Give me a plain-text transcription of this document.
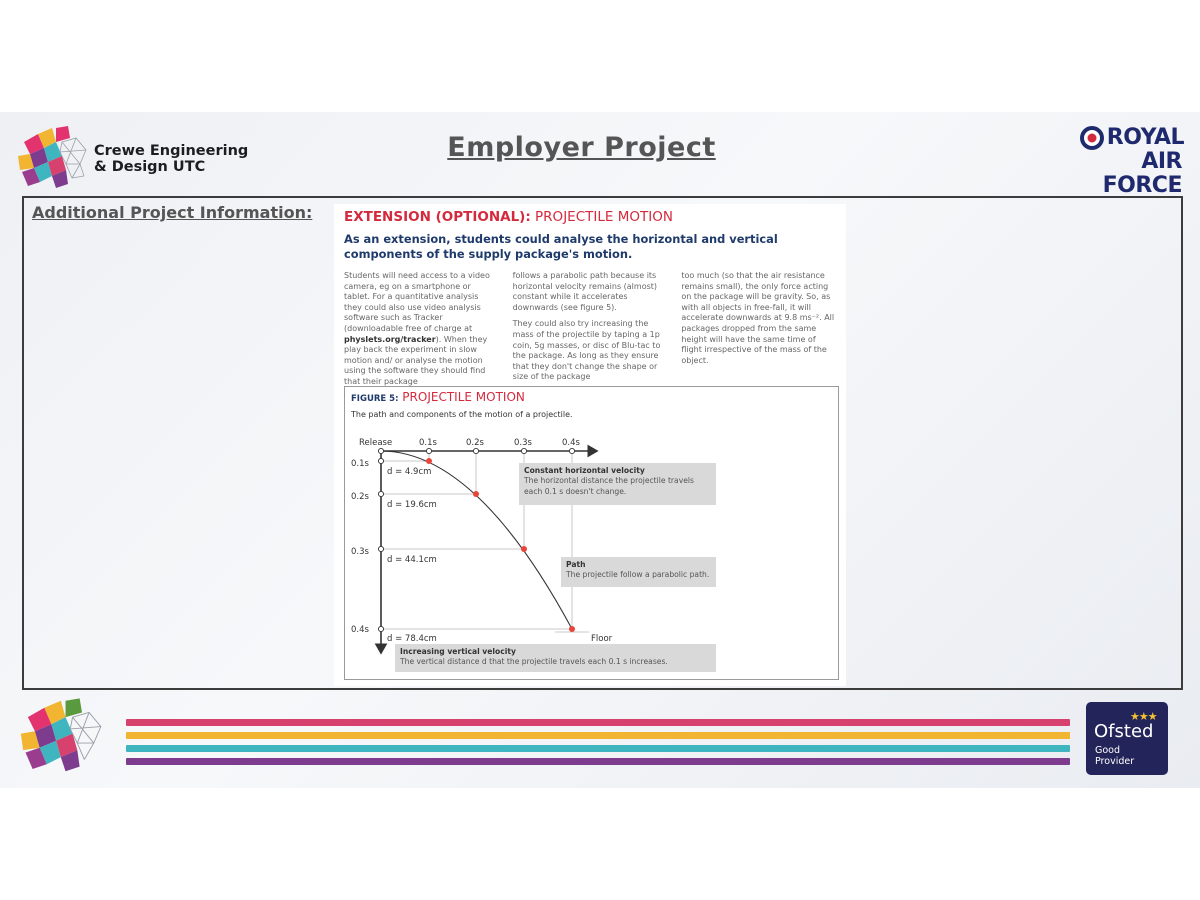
Crewe Engineering
& Design UTC
Employer Project	ROYAL
AIR FORCE
Additional Project Information: EXTENSION (OPTIONAL): PROJECTILE MOTION
As an extension, students could analyse the horizontal and vertical components of the supply package's motion.

Students will need access to a video camera, eg on a smartphone or tablet. For a quantitative analysis they could also use video analysis software such as Tracker (downloadable free of charge at physlets.org/tracker). When they play back the experiment in slow motion and/ or analyse the motion using the software they should find that their package

follows a parabolic path because its horizontal velocity remains (almost) constant while it accelerates downwards (see figure 5).

They could also try increasing the mass of the projectile by taping a 1p coin, 5g masses, or disc of Blu-tac to the package. As long as they ensure that they don't change the shape or size of the package

too much (so that the air resistance remains small), the only force acting on the package will be gravity. So, as with all objects in free-fall, it will accelerate downwards at 9.8 ms⁻². All packages dropped from the same height will have the same time of flight irrespective of the mass of the object.

FIGURE 5: PROJECTILE MOTION
The path and components of the motion of a projectile.
Release	0.1s	0.2s	0.3s	0.4s
0.1s
0.2s
0.3s
0.4s
d = 4.9cm
d = 19.6cm
d = 44.1cm
d = 78.4cm	Floor
Constant horizontal velocity
The horizontal distance the projectile travels each 0.1 s doesn't change.
Path
The projectile follow a parabolic path.
Increasing vertical velocity
The vertical distance d that the projectile travels each 0.1 s increases.
★★★
Ofsted
Good
Provider
